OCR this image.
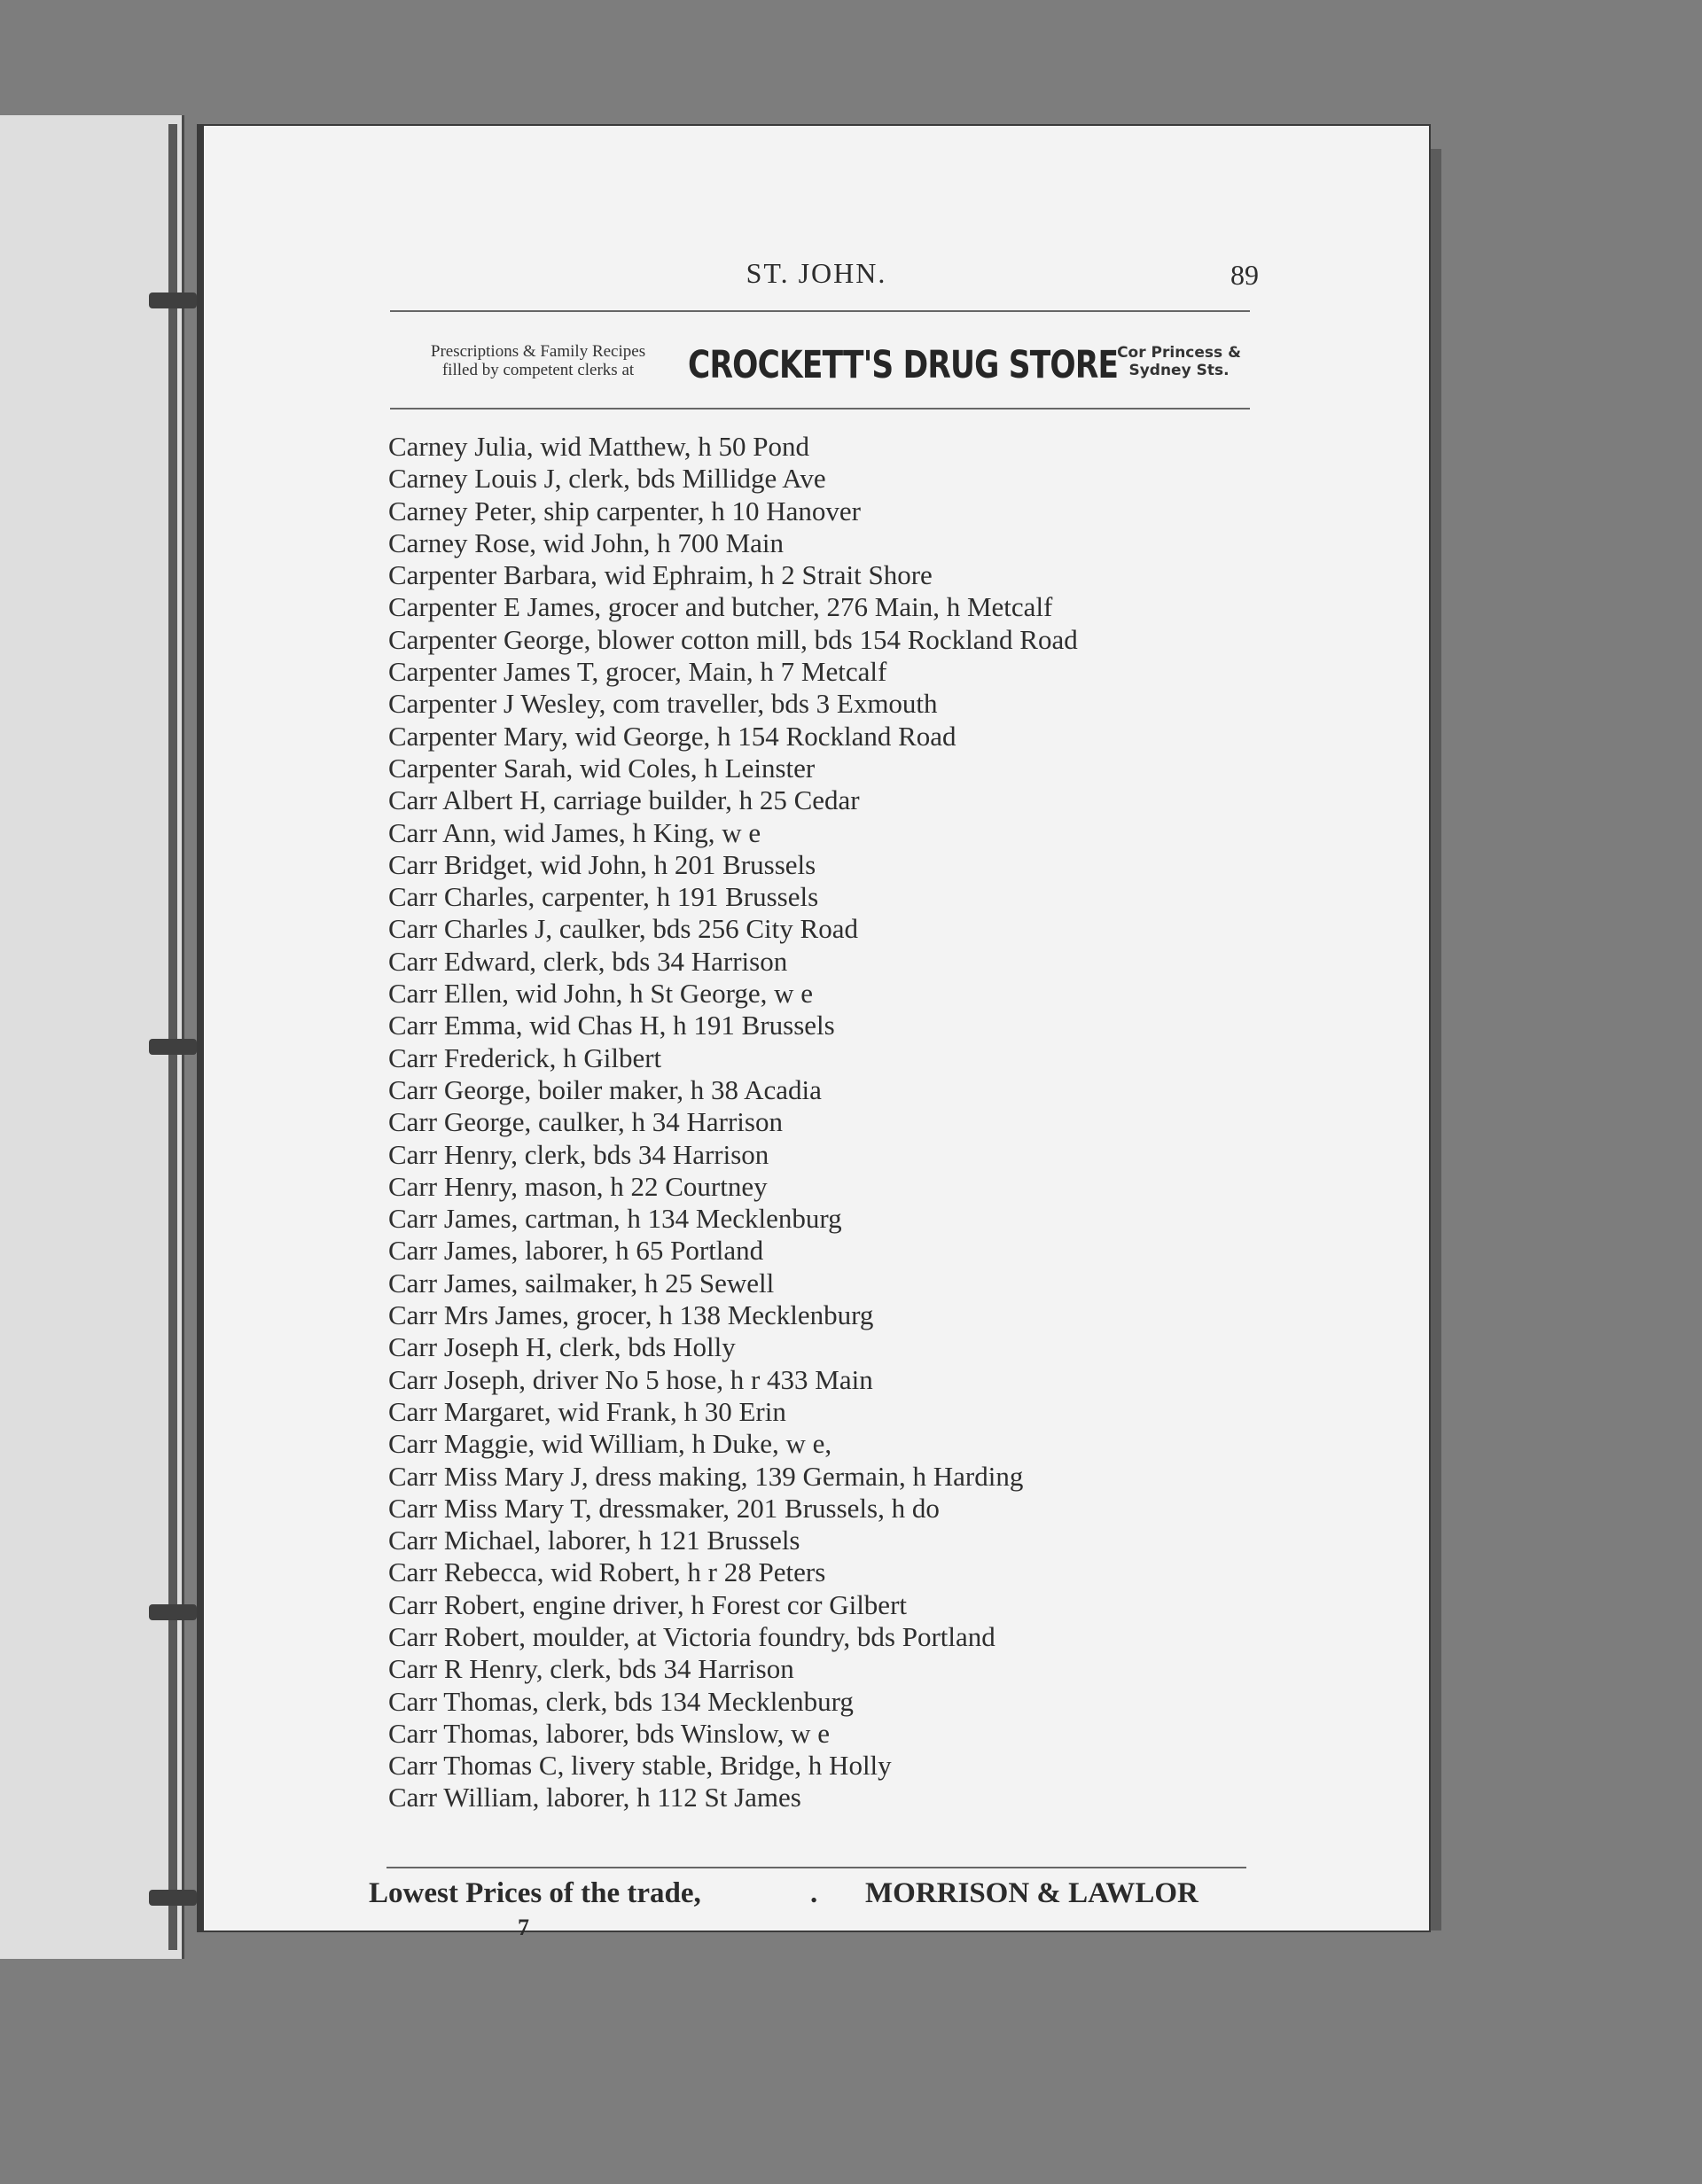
ST. JOHN.	89
Prescriptions & Family Recipes
filled by competent clerks at	CROCKETT'S DRUG STORE
Cor Princess &
Sydney Sts.
Carney Julia, wid Matthew, h 50 Pond
Carney Louis J, clerk, bds Millidge Ave
Carney Peter, ship carpenter, h 10 Hanover
Carney Rose, wid John, h 700 Main
Carpenter Barbara, wid Ephraim, h 2 Strait Shore
Carpenter E James, grocer and butcher, 276 Main, h Metcalf
Carpenter George, blower cotton mill, bds 154 Rockland Road
Carpenter James T, grocer, Main, h 7 Metcalf
Carpenter J Wesley, com traveller, bds 3 Exmouth
Carpenter Mary, wid George, h 154 Rockland Road
Carpenter Sarah, wid Coles, h Leinster
Carr Albert H, carriage builder, h 25 Cedar
Carr Ann, wid James, h King, w e
Carr Bridget, wid John, h 201 Brussels
Carr Charles, carpenter, h 191 Brussels
Carr Charles J, caulker, bds 256 City Road
Carr Edward, clerk, bds 34 Harrison
Carr Ellen, wid John, h St George, w e
Carr Emma, wid Chas H, h 191 Brussels
Carr Frederick, h Gilbert
Carr George, boiler maker, h 38 Acadia
Carr George, caulker, h 34 Harrison
Carr Henry, clerk, bds 34 Harrison
Carr Henry, mason, h 22 Courtney
Carr James, cartman, h 134 Mecklenburg
Carr James, laborer, h 65 Portland
Carr James, sailmaker, h 25 Sewell
Carr Mrs James, grocer, h 138 Mecklenburg
Carr Joseph H, clerk, bds Holly
Carr Joseph, driver No 5 hose, h r 433 Main
Carr Margaret, wid Frank, h 30 Erin
Carr Maggie, wid William, h Duke, w e,
Carr Miss Mary J, dress making, 139 Germain, h Harding
Carr Miss Mary T, dressmaker, 201 Brussels, h do
Carr Michael, laborer, h 121 Brussels
Carr Rebecca, wid Robert, h r 28 Peters
Carr Robert, engine driver, h Forest cor Gilbert
Carr Robert, moulder, at Victoria foundry, bds Portland
Carr R Henry, clerk, bds 34 Harrison
Carr Thomas, clerk, bds 134 Mecklenburg
Carr Thomas, laborer, bds Winslow, w e
Carr Thomas C, livery stable, Bridge, h Holly
Carr William, laborer, h 112 St James
Lowest Prices of the trade,	. MORRISON & LAWLOR
7
